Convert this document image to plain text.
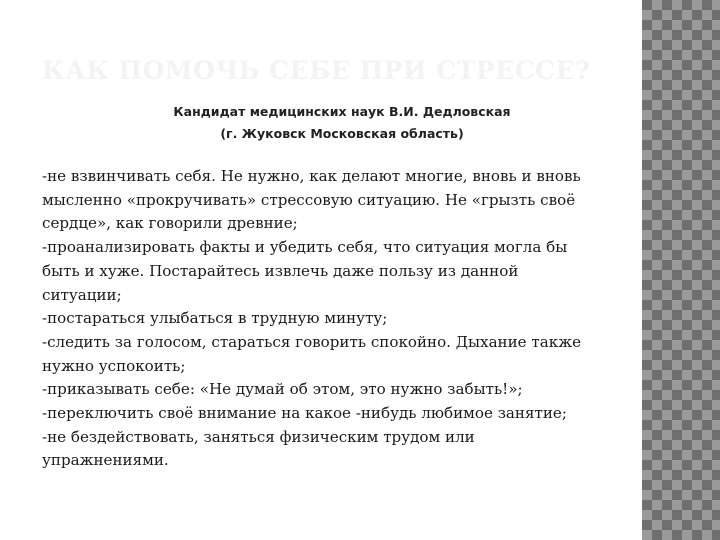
КАК ПОМОЧЬ СЕБЕ ПРИ СТРЕССЕ?
Кандидат медицинских наук В.И. Дедловская
(г. Жуковск Московская область)
-не взвинчивать себя. Не нужно, как делают многие, вновь и вновь
мысленно «прокручивать» стрессовую ситуацию. Не «грызть своё
сердце», как говорили древние;
-проанализировать факты и убедить себя, что ситуация могла бы
быть и хуже. Постарайтесь извлечь даже пользу из данной
ситуации;
-постараться улыбаться в трудную минуту;
-следить за голосом, стараться говорить спокойно. Дыхание также
нужно успокоить;
-приказывать себе: «Не думай об этом, это нужно забыть!»;
-переключить своё внимание на какое -нибудь любимое занятие;
-не бездействовать, заняться физическим трудом или
упражнениями.
